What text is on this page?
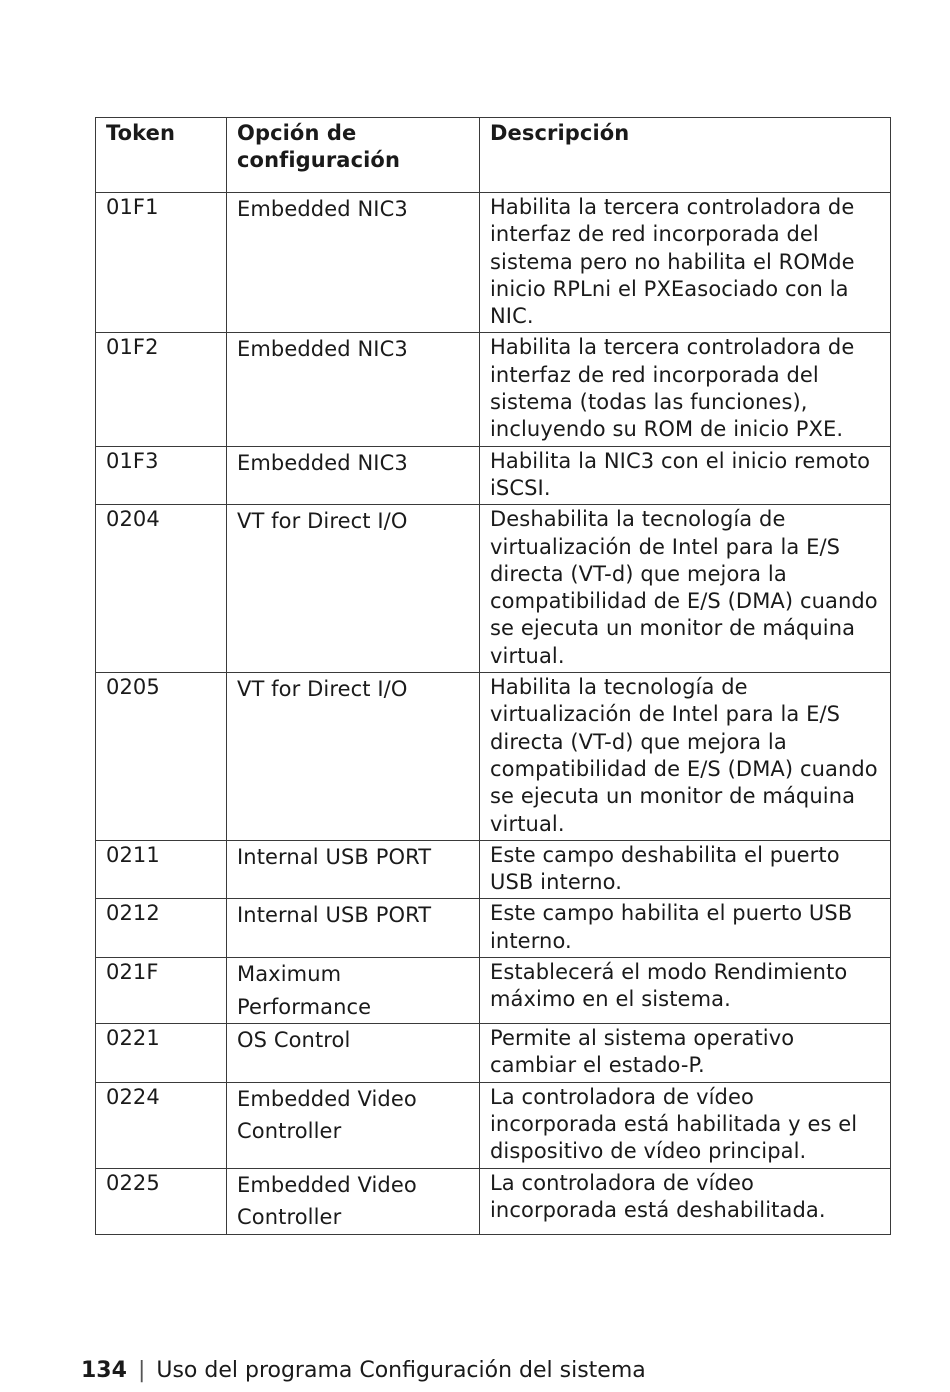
Token	Opción de configuración	Descripción
01F1	Embedded NIC3	Habilita la tercera controladora de interfaz de red incorporada del sistema pero no habilita el ROMde inicio RPLni el PXEasociado con la NIC.
01F2	Embedded NIC3	Habilita la tercera controladora de interfaz de red incorporada del sistema (todas las funciones), incluyendo su ROM de inicio PXE.
01F3	Embedded NIC3	Habilita la NIC3 con el inicio remoto iSCSI.
0204	VT for Direct I/O	Deshabilita la tecnología de virtualización de Intel para la E/S directa (VT-d) que mejora la compatibilidad de E/S (DMA) cuando se ejecuta un monitor de máquina virtual.
0205	VT for Direct I/O	Habilita la tecnología de virtualización de Intel para la E/S directa (VT-d) que mejora la compatibilidad de E/S (DMA) cuando se ejecuta un monitor de máquina virtual.
0211	Internal USB PORT	Este campo deshabilita el puerto USB interno.
0212	Internal USB PORT	Este campo habilita el puerto USB interno.
021F	Maximum Performance	Establecerá el modo Rendimiento máximo en el sistema.
0221	OS Control	Permite al sistema operativo cambiar el estado-P.
0224	Embedded Video Controller	La controladora de vídeo incorporada está habilitada y es el dispositivo de vídeo principal.
0225	Embedded Video Controller	La controladora de vídeo incorporada está deshabilitada.
134 | Uso del programa Configuración del sistema
